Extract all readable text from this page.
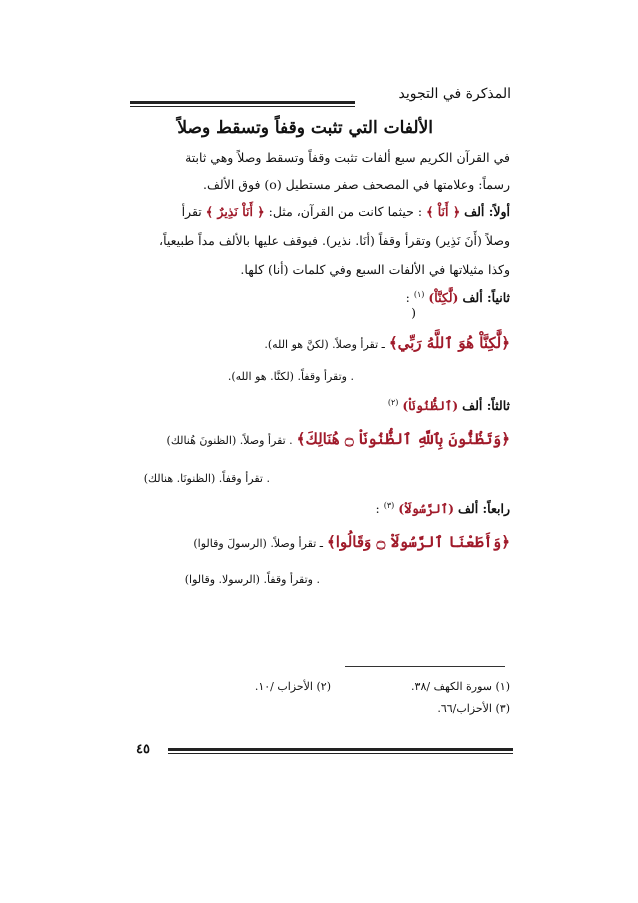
المذكرة في التجويد
الألفات التي تثبت وقفاً وتسقط وصلاً
في القرآن الكريم سبع ألفات تثبت وقفاً وتسقط وصلاً وهي ثابتة
رسماً: وعلامتها في المصحف صفر مستطيل (o) فوق الألف.
أولاً: ألف ﴿ أَنَاْ ﴾ : حيثما كانت من القرآن، مثل: ﴿ أَنَاْ نَذِيرٌ ﴾ تقرأ
وصلاً (أَنَ نَذِير) وتقرأ وقفاً (أنَا. نذير). فيوقف عليها بالألف مداً طبيعياً،
وكذا مثيلاتها في الألفات السبع وفي كلمات (أنا) كلها.
ثانياً: ألف (لَّٰكِنَّاْ) $^{(١)}$ :
)
﴿لَّٰكِنَّاْ هُوَ ٱللَّهُ رَبِّي﴾ ـ تقرأ وصلاً. (لكنَّ هو الله).
. وتقرأ وقفاً. (لكنَّا. هو الله).
ثالثاً: ألف (ٱلظُّنُونَاْ) $^{(٢)}$
﴿وَتَظُنُّونَ بِٱللَّهِ ٱلظُّنُونَاْ ۝ هُنَالِكَ﴾ . تقرأ وصلاً. (الظنونَ هُنالك)
. تقرأ وقفاً. (الظنونَا. هنالك)
رابعاً: ألف (ٱلرَّسُولَاْ) $^{(٣)}$ :
﴿وَأَطَعْنَا ٱلرَّسُولَاْ ۝ وَقَالُوا﴾ ـ تقرأ وصلاً. (الرسولَ وقالوا)
. وتقرأ وقفاً. (الرسولا. وقالوا)
(١) سورة الكهف /٣٨.
(٢) الأحزاب /١٠.
(٣) الأحزاب/٦٦.
٤٥
